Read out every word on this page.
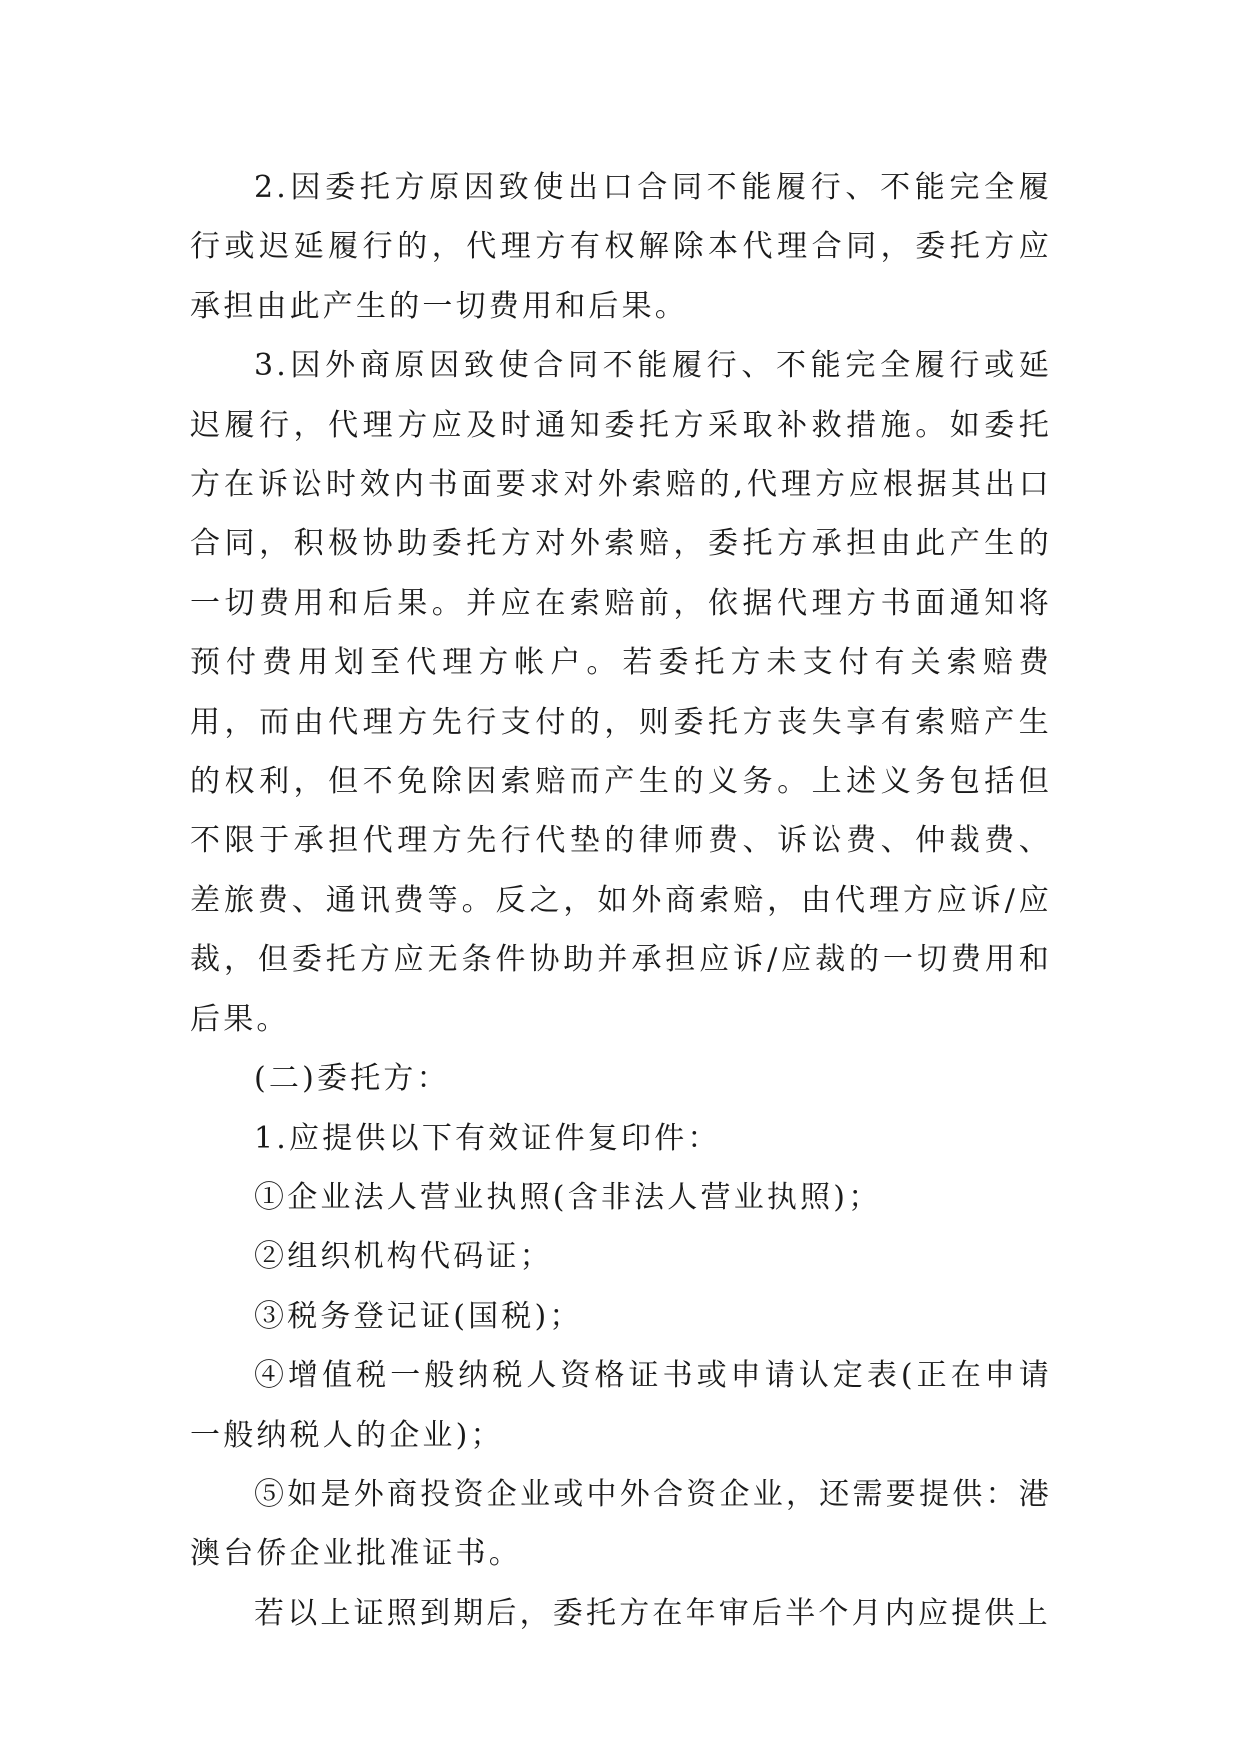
2.因委托方原因致使出口合同不能履行、不能完全履行或迟延履行的，代理方有权解除本代理合同，委托方应承担由此产生的一切费用和后果。

3.因外商原因致使合同不能履行、不能完全履行或延迟履行，代理方应及时通知委托方采取补救措施。如委托方在诉讼时效内书面要求对外索赔的,代理方应根据其出口合同，积极协助委托方对外索赔，委托方承担由此产生的一切费用和后果。并应在索赔前，依据代理方书面通知将预付费用划至代理方帐户。若委托方未支付有关索赔费用，而由代理方先行支付的，则委托方丧失享有索赔产生的权利，但不免除因索赔而产生的义务。上述义务包括但不限于承担代理方先行代垫的律师费、诉讼费、仲裁费、差旅费、通讯费等。反之，如外商索赔，由代理方应诉/应裁，但委托方应无条件协助并承担应诉/应裁的一切费用和后果。

(二)委托方：

1.应提供以下有效证件复印件：

①企业法人营业执照(含非法人营业执照)；

②组织机构代码证；

③税务登记证(国税)；

④增值税一般纳税人资格证书或申请认定表(正在申请一般纳税人的企业)；

⑤如是外商投资企业或中外合资企业，还需要提供：港澳台侨企业批准证书。

若以上证照到期后，委托方在年审后半个月内应提供上
